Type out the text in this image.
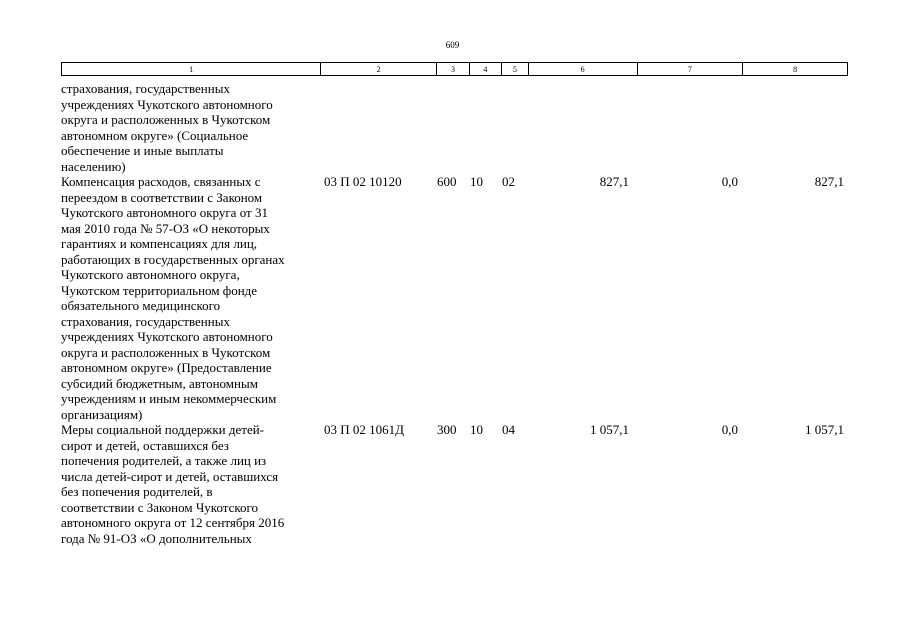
609
1	2	3	4	5	6	7	8
страхования, государственных
учреждениях Чукотского автономного
округа и расположенных в Чукотском
автономном округе» (Социальное
обеспечение и иные выплаты
населению)
Компенсация расходов, связанных с
переездом в соответствии с Законом
Чукотского автономного округа от 31
мая 2010 года № 57-ОЗ «О некоторых
гарантиях и компенсациях для лиц,
работающих в государственных органах
Чукотского автономного округа,
Чукотском территориальном фонде
обязательного медицинского
страхования, государственных
учреждениях Чукотского автономного
округа и расположенных в Чукотском
автономном округе» (Предоставление
субсидий бюджетным, автономным
учреждениям и иным некоммерческим
организациям)
03 П 02 10120	600 10 02	827,1	0,0	827,1
Меры социальной поддержки детей-
сирот и детей, оставшихся без
попечения родителей, а также лиц из
числа детей-сирот и детей, оставшихся
без попечения родителей, в
соответствии с Законом Чукотского
автономного округа от 12 сентября 2016
года № 91-ОЗ «О дополнительных
03 П 02 1061Д	300 10 04	1 057,1	0,0	1 057,1
